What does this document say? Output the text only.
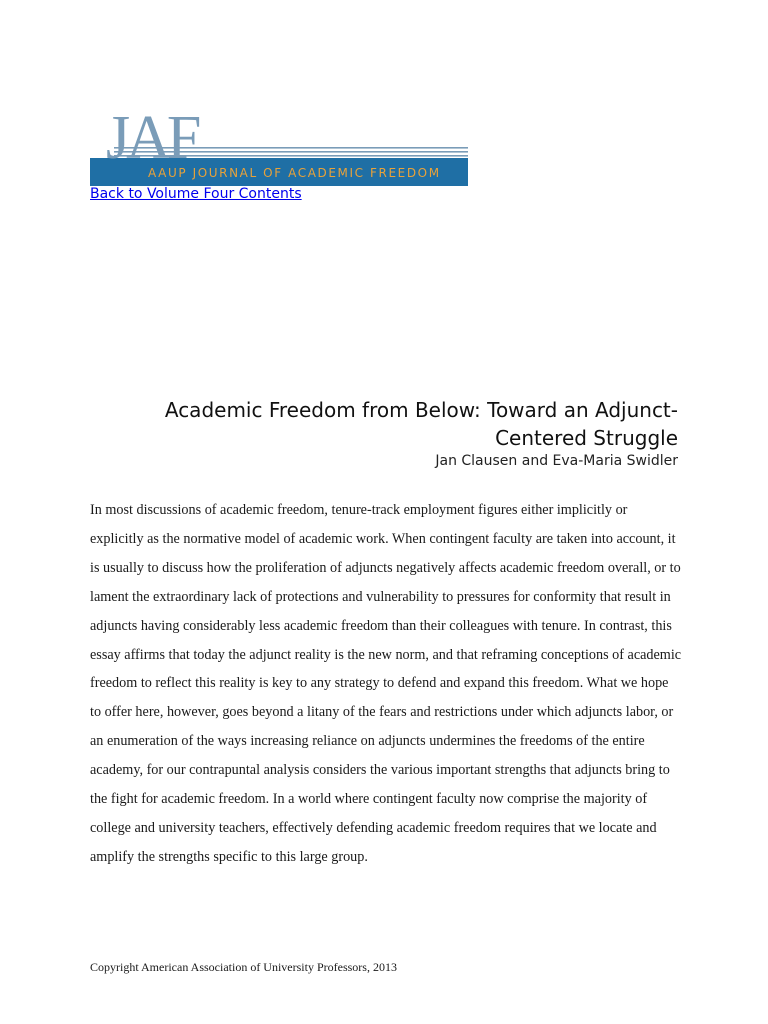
JAF
AAUP JOURNAL OF ACADEMIC FREEDOM
Back to Volume Four Contents
Academic Freedom from Below: Toward an Adjunct-
Centered Struggle
Jan Clausen and Eva-Maria Swidler

In most discussions of academic freedom, tenure-track employment figures either implicitly or explicitly as the normative model of academic work. When contingent faculty are taken into account, it is usually to discuss how the proliferation of adjuncts negatively affects academic freedom overall, or to lament the extraordinary lack of protections and vulnerability to pressures for conformity that result in adjuncts having considerably less academic freedom than their colleagues with tenure. In contrast, this essay affirms that today the adjunct reality is the new norm, and that reframing conceptions of academic freedom to reflect this reality is key to any strategy to defend and expand this freedom. What we hope to offer here, however, goes beyond a litany of the fears and restrictions under which adjuncts labor, or an enumeration of the ways increasing reliance on adjuncts undermines the freedoms of the entire academy, for our contrapuntal analysis considers the various important strengths that adjuncts bring to the fight for academic freedom. In a world where contingent faculty now comprise the majority of college and university teachers, effectively defending academic freedom requires that we locate and amplify the strengths specific to this large group.

Copyright American Association of University Professors, 2013
